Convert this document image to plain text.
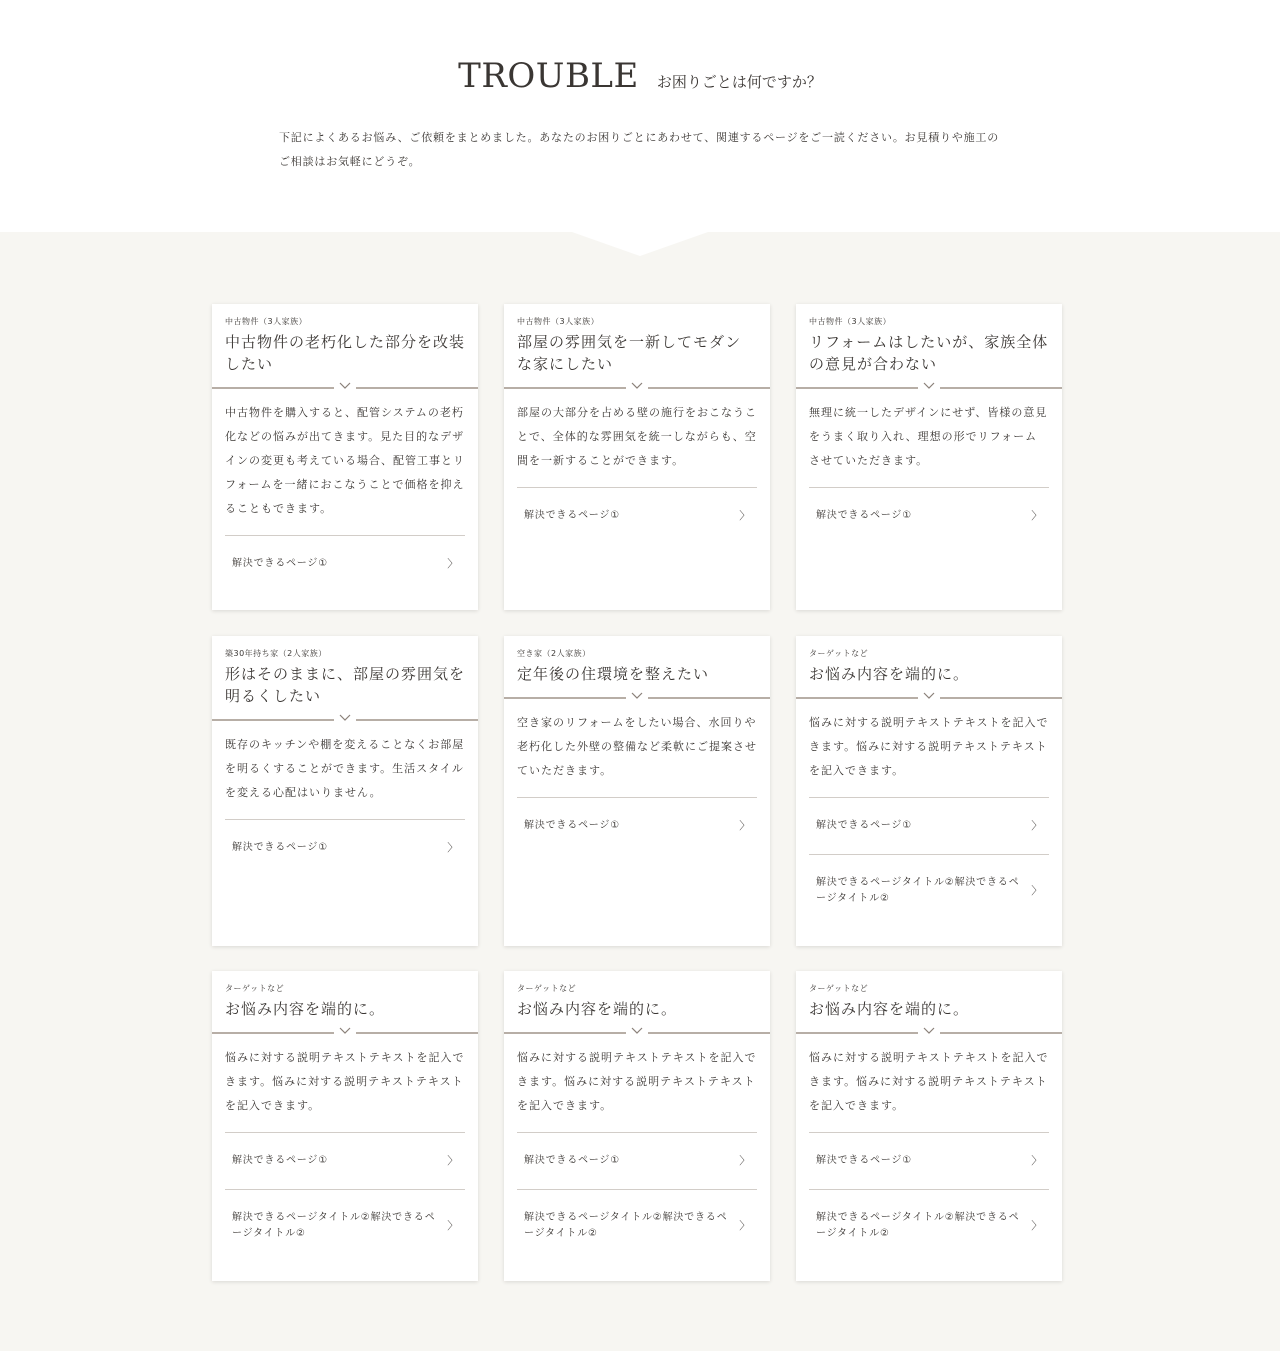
TROUBLE お困りごとは何ですか？

下記によくあるお悩み、ご依頼をまとめました。あなたのお困りごとにあわせて、関連するページをご一読ください。お見積りや施工のご相談はお気軽にどうぞ。

中古物件（3人家族）
中古物件の老朽化した部分を改装したい

中古物件を購入すると、配管システムの老朽化などの悩みが出てきます。見た目的なデザインの変更も考えている場合、配管工事とリフォームを一緒におこなうことで価格を抑えることもできます。

解決できるページ①	〉
中古物件（3人家族）
部屋の雰囲気を一新してモダンな家にしたい

部屋の大部分を占める壁の施行をおこなうことで、全体的な雰囲気を統一しながらも、空間を一新することができます。

解決できるページ①	〉
中古物件（3人家族）
リフォームはしたいが、家族全体の意見が合わない

無理に統一したデザインにせず、皆様の意見をうまく取り入れ、理想の形でリフォームさせていただきます。

解決できるページ①	〉
築30年持ち家（2人家族）
形はそのままに、部屋の雰囲気を明るくしたい

既存のキッチンや棚を変えることなくお部屋を明るくすることができます。生活スタイルを変える心配はいりません。

解決できるページ①	〉
空き家（2人家族）
定年後の住環境を整えたい

空き家のリフォームをしたい場合、水回りや老朽化した外壁の整備など柔軟にご提案させていただきます。

解決できるページ①	〉
ターゲットなど
お悩み内容を端的に。

悩みに対する説明テキストテキストを記入できます。悩みに対する説明テキストテキストを記入できます。

解決できるページ①	〉
解決できるページタイトル②解決できるページタイトル②
〉
ターゲットなど
お悩み内容を端的に。

悩みに対する説明テキストテキストを記入できます。悩みに対する説明テキストテキストを記入できます。

解決できるページ①	〉
解決できるページタイトル②解決できるページタイトル②
〉
ターゲットなど
お悩み内容を端的に。

悩みに対する説明テキストテキストを記入できます。悩みに対する説明テキストテキストを記入できます。

解決できるページ①	〉
解決できるページタイトル②解決できるページタイトル②
〉
ターゲットなど
お悩み内容を端的に。

悩みに対する説明テキストテキストを記入できます。悩みに対する説明テキストテキストを記入できます。

解決できるページ①	〉
解決できるページタイトル②解決できるページタイトル②
〉
